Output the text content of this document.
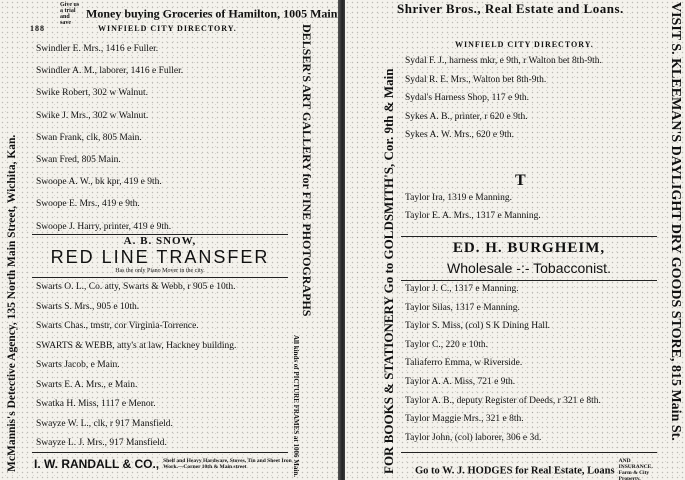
Give us a trial and save Money buying Groceries of Hamilton, 1005 Main
188	WINFIELD CITY DIRECTORY.
Swindler E. Mrs., 1416 e Fuller.
Swindler A. M., laborer, 1416 e Fuller.
Swike Robert, 302 w Walnut.
Swike J. Mrs., 302 w Walnut.
Swan Frank, clk, 805 Main.
Swan Fred, 805 Main.
Swoope A. W., bk kpr, 419 e 9th.
Swoope E. Mrs., 419 e 9th.
Swoope J. Harry, printer, 419 e 9th.
A. B. SNOW,
RED LINE TRANSFER
Has the only Piano Mover in the city.
Swarts O. L., Co. atty, Swarts & Webb, r 905 e 10th.
Swarts S. Mrs., 905 e 10th.
Swarts Chas., tmstr, cor Virginia-Torrence.
SWARTS & WEBB, atty's at law, Hackney building.
Swarts Jacob, e Main.
Swarts E. A. Mrs., e Main.
Swatka H. Miss, 1117 e Menor.
Swayze W. L., clk, r 917 Mansfield.
Swayze L. J. Mrs., 917 Mansfield.
I. W. RANDALL & CO., Shelf and Heavy Hardware, Stoves, Tin and Sheet Iron Work.—Corner 10th & Main street
McMannis's Detective Agency, 135 North Main Street, Wichita, Kan.	DELSER'S ART GALLERY for FINE PHOTOGRAPHS
All kinds of PICTURE FRAMES at 1006 Main.
Shriver Bros., Real Estate and Loans.
WINFIELD CITY DIRECTORY.
Sydal F. J., harness mkr, e 9th, r Walton bet 8th-9th.
Sydal R. E. Mrs., Walton bet 8th-9th.
Sydal's Harness Shop, 117 e 9th.
Sykes A. B., printer, r 620 e 9th.
Sykes A. W. Mrs., 620 e 9th.
T
Taylor Ira, 1319 e Manning.
Taylor E. A. Mrs., 1317 e Manning.
ED. H. BURGHEIM,
Wholesale -:- Tobacconist.
Taylor J. C., 1317 e Manning.
Taylor Silas, 1317 e Manning.
Taylor S. Miss, (col) S K Dining Hall.
Taylor C., 220 e 10th.
Taliaferro Emma, w Riverside.
Taylor A. A. Miss, 721 e 9th.
Taylor A. B., deputy Register of Deeds, r 321 e 8th.
Taylor Maggie Mrs., 321 e 8th.
Taylor John, (col) laborer, 306 e 3d.
Go to W. J. HODGES for Real Estate, Loans AND INSURANCE. Farm & City Property.
FOR BOOKS & STATIONERY Go to GOLDSMITH'S, Cor. 9th & Main	VISIT S. KLEEMAN'S DAYLIGHT DRY GOODS STORE, 815 Main St.
